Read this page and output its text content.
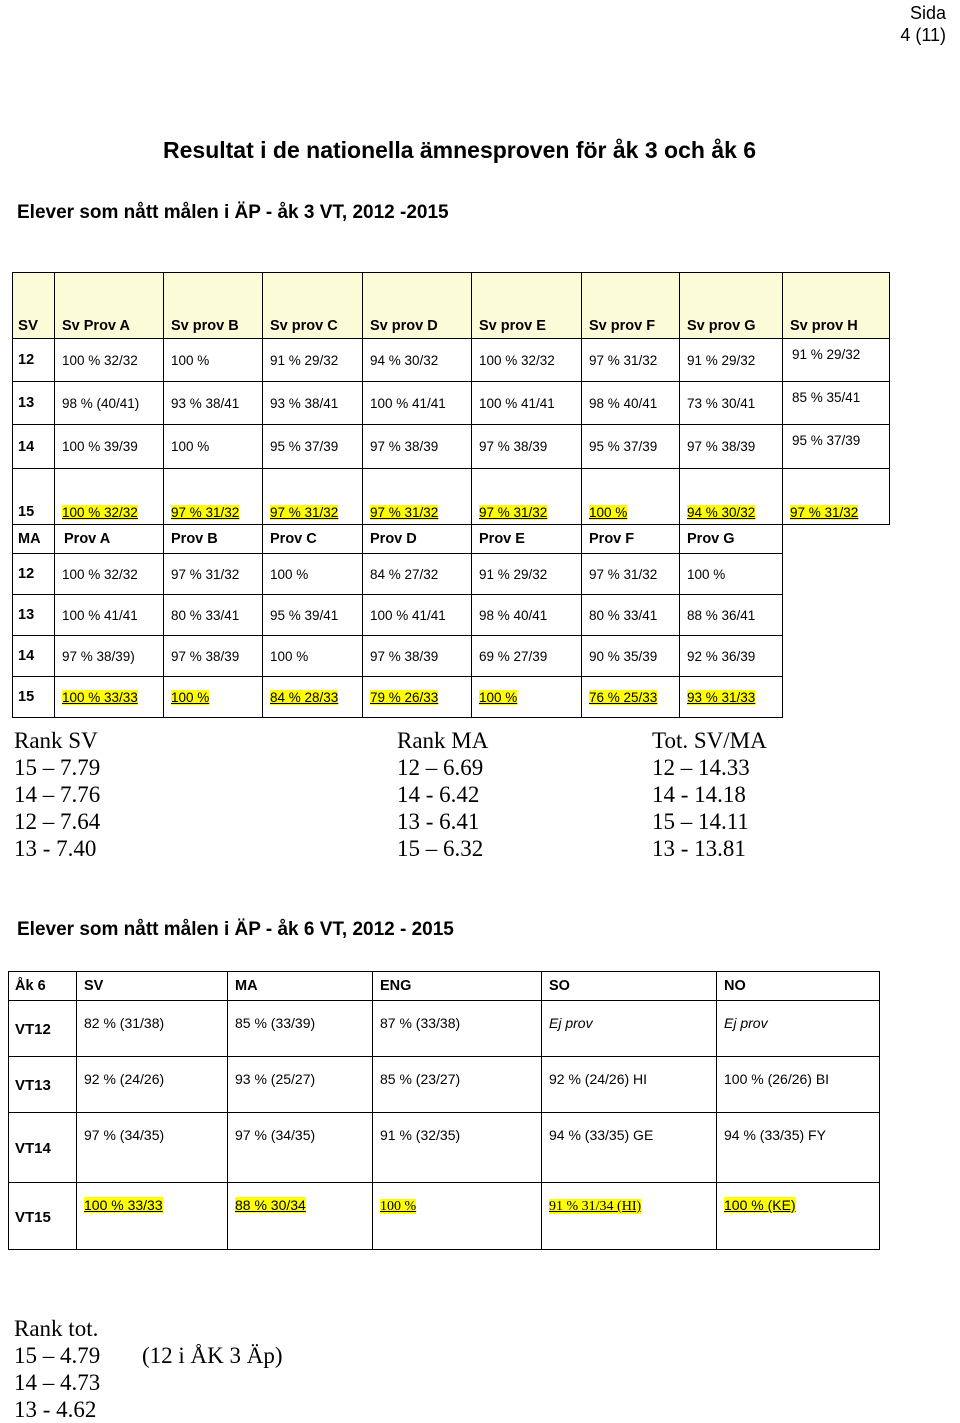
Sida
4 (11)
Resultat i de nationella ämnesproven för åk 3 och åk 6
Elever som nått målen i ÄP - åk 3 VT, 2012 -2015
SV	Sv Prov A	Sv prov B	Sv prov C	Sv prov D	Sv prov E	Sv prov F	Sv prov G	Sv prov H
12	100 % 32/32	100 %	91 % 29/32	94 % 30/32	100 % 32/32	97 % 31/32	91 % 29/32	91 % 29/32
13	98 % (40/41)	93 % 38/41	93 % 38/41	100 % 41/41	100 % 41/41	98 % 40/41	73 % 30/41	85 % 35/41
14	100 % 39/39	100 %	95 % 37/39	97 % 38/39	97 % 38/39	95 % 37/39	97 % 38/39	95 % 37/39
15	100 % 32/32	97 % 31/32	97 % 31/32	97 % 31/32	97 % 31/32	100 %	94 % 30/32	97 % 31/32
MA	Prov A	Prov B	Prov C	Prov D	Prov E	Prov F	Prov G	
12	100 % 32/32	97 % 31/32	100 %	84 % 27/32	91 % 29/32	97 % 31/32	100 %	
13	100 % 41/41	80 % 33/41	95 % 39/41	100 % 41/41	98 % 40/41	80 % 33/41	88 % 36/41	
14	97 % 38/39)	97 % 38/39	100 %	97 % 38/39	69 % 27/39	90 % 35/39	92 % 36/39	
15	100 % 33/33	100 %	84 % 28/33	79 % 26/33	100 %	76 % 25/33	93 % 31/33	
Rank SV
15 – 7.79
14 – 7.76
12 – 7.64
13 - 7.40
Rank MA
12 – 6.69
14 - 6.42
13 - 6.41
15 – 6.32
Tot. SV/MA
12 – 14.33
14 - 14.18
15 – 14.11
13 - 13.81
Elever som nått målen i ÄP - åk 6 VT, 2012 - 2015
Åk 6	SV	MA	ENG	SO	NO
VT12	82 % (31/38)	85 % (33/39)	87 % (33/38)	Ej prov	Ej prov
VT13	92 % (24/26)	93 % (25/27)	85 % (23/27)	92 % (24/26) HI	100 % (26/26) BI
VT14	97 % (34/35)	97 % (34/35)	91 % (32/35)	94 % (33/35) GE	94 % (33/35) FY
VT15	100 % 33/33	88 % 30/34	100 %	91 % 31/34 (HI)	100 % (KE)
Rank tot.
15 – 4.79
14 – 4.73
13 - 4.62
(12 i ÅK 3 Äp)
